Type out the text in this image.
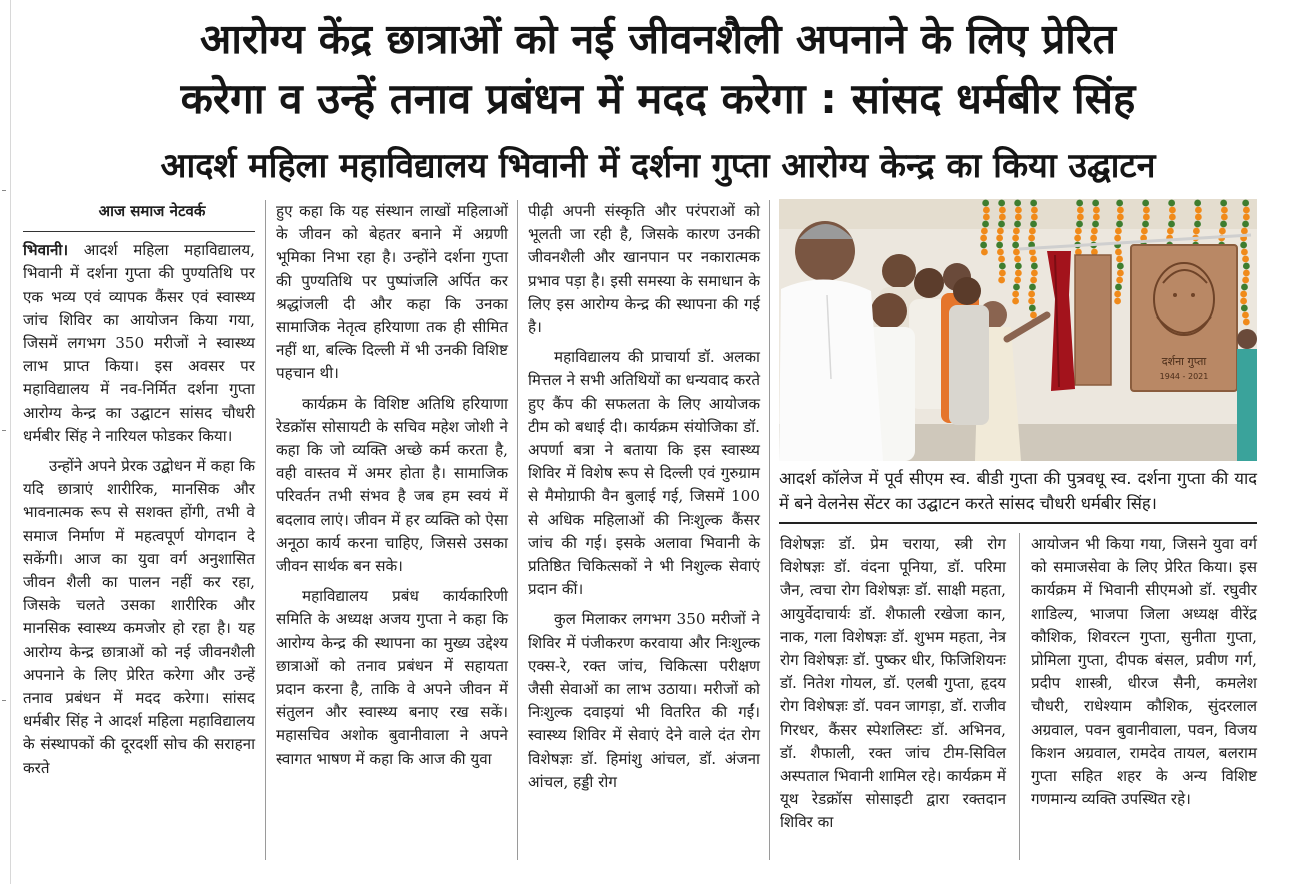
आरोग्य केंद्र छात्राओं को नई जीवनशैली अपनाने के लिए प्रेरित
करेगा व उन्हें तनाव प्रबंधन में मदद करेगा : सांसद धर्मबीर सिंह
आदर्श महिला महाविद्यालय भिवानी में दर्शना गुप्ता आरोग्य केन्द्र का किया उद्घाटन

आज समाज नेटवर्क

भिवानी। आदर्श महिला महाविद्यालय, भिवानी में दर्शना गुप्ता की पुण्यतिथि पर एक भव्य एवं व्यापक कैंसर एवं स्वास्थ्य जांच शिविर का आयोजन किया गया, जिसमें लगभग 350 मरीजों ने स्वास्थ्य लाभ प्राप्त किया। इस अवसर पर महाविद्यालय में नव-निर्मित दर्शना गुप्ता आरोग्य केन्द्र का उद्घाटन सांसद चौधरी धर्मबीर सिंह ने नारियल फोडकर किया।

उन्होंने अपने प्रेरक उद्बोधन में कहा कि यदि छात्राएं शारीरिक, मानसिक और भावनात्मक रूप से सशक्त होंगी, तभी वे समाज निर्माण में महत्वपूर्ण योगदान दे सकेंगी। आज का युवा वर्ग अनुशासित जीवन शैली का पालन नहीं कर रहा, जिसके चलते उसका शारीरिक और मानसिक स्वास्थ्य कमजोर हो रहा है। यह आरोग्य केन्द्र छात्राओं को नई जीवनशैली अपनाने के लिए प्रेरित करेगा और उन्हें तनाव प्रबंधन में मदद करेगा। सांसद धर्मबीर सिंह ने आदर्श महिला महाविद्यालय के संस्थापकों की दूरदर्शी सोच की सराहना करते

हुए कहा कि यह संस्थान लाखों महिलाओं के जीवन को बेहतर बनाने में अग्रणी भूमिका निभा रहा है। उन्होंने दर्शना गुप्ता की पुण्यतिथि पर पुष्पांजलि अर्पित कर श्रद्धांजली दी और कहा कि उनका सामाजिक नेतृत्व हरियाणा तक ही सीमित नहीं था, बल्कि दिल्ली में भी उनकी विशिष्ट पहचान थी।

कार्यक्रम के विशिष्ट अतिथि हरियाणा रेडक्रॉस सोसायटी के सचिव महेश जोशी ने कहा कि जो व्यक्ति अच्छे कर्म करता है, वही वास्तव में अमर होता है। सामाजिक परिवर्तन तभी संभव है जब हम स्वयं में बदलाव लाएं। जीवन में हर व्यक्ति को ऐसा अनूठा कार्य करना चाहिए, जिससे उसका जीवन सार्थक बन सके।

महाविद्यालय प्रबंध कार्यकारिणी समिति के अध्यक्ष अजय गुप्ता ने कहा कि आरोग्य केन्द्र की स्थापना का मुख्य उद्देश्य छात्राओं को तनाव प्रबंधन में सहायता प्रदान करना है, ताकि वे अपने जीवन में संतुलन और स्वास्थ्य बनाए रख सकें। महासचिव अशोक बुवानीवाला ने अपने स्वागत भाषण में कहा कि आज की युवा

पीढ़ी अपनी संस्कृति और परंपराओं को भूलती जा रही है, जिसके कारण उनकी जीवनशैली और खानपान पर नकारात्मक प्रभाव पड़ा है। इसी समस्या के समाधान के लिए इस आरोग्य केन्द्र की स्थापना की गई है।

महाविद्यालय की प्राचार्या डॉ. अलका मित्तल ने सभी अतिथियों का धन्यवाद करते हुए कैंप की सफलता के लिए आयोजक टीम को बधाई दी। कार्यक्रम संयोजिका डॉ. अपर्णा बत्रा ने बताया कि इस स्वास्थ्य शिविर में विशेष रूप से दिल्ली एवं गुरुग्राम से मैमोग्राफी वैन बुलाई गई, जिसमें 100 से अधिक महिलाओं की निःशुल्क कैंसर जांच की गई। इसके अलावा भिवानी के प्रतिष्ठित चिकित्सकों ने भी निशुल्क सेवाएं प्रदान कीं।

कुल मिलाकर लगभग 350 मरीजों ने शिविर में पंजीकरण करवाया और निःशुल्क एक्स-रे, रक्त जांच, चिकित्सा परीक्षण जैसी सेवाओं का लाभ उठाया। मरीजों को निःशुल्क दवाइयां भी वितरित की गईं। स्वास्थ्य शिविर में सेवाएं देने वाले दंत रोग विशेषज्ञः डॉ. हिमांशु आंचल, डॉ. अंजना आंचल, हड्डी रोग

दर्शना गुप्ता
1944 - 2021
आदर्श कॉलेज में पूर्व सीएम स्व. बीडी गुप्ता की पुत्रवधू स्व. दर्शना गुप्ता की याद में बने वेलनेस सेंटर का उद्घाटन करते सांसद चौधरी धर्मबीर सिंह।

विशेषज्ञः डॉ. प्रेम चराया, स्त्री रोग विशेषज्ञः डॉ. वंदना पूनिया, डॉ. परिमा जैन, त्वचा रोग विशेषज्ञः डॉ. साक्षी महता, आयुर्वेदाचार्यः डॉ. शैफाली रखेजा कान, नाक, गला विशेषज्ञः डॉ. शुभम महता, नेत्र रोग विशेषज्ञः डॉ. पुष्कर धीर, फिजिशियनः डॉ. नितेश गोयल, डॉ. एलबी गुप्ता, हृदय रोग विशेषज्ञः डॉ. पवन जागड़ा, डॉ. राजीव गिरधर, कैंसर स्पेशलिस्टः डॉ. अभिनव, डॉ. शैफाली, रक्त जांच टीम-सिविल अस्पताल भिवानी शामिल रहे। कार्यक्रम में यूथ रेडक्रॉस सोसाइटी द्वारा रक्तदान शिविर का

आयोजन भी किया गया, जिसने युवा वर्ग को समाजसेवा के लिए प्रेरित किया। इस कार्यक्रम में भिवानी सीएमओ डॉ. रघुवीर शाडिल्य, भाजपा जिला अध्यक्ष वीरेंद्र कौशिक, शिवरत्न गुप्ता, सुनीता गुप्ता, प्रोमिला गुप्ता, दीपक बंसल, प्रवीण गर्ग, प्रदीप शास्त्री, धीरज सैनी, कमलेश चौधरी, राधेश्याम कौशिक, सुंदरलाल अग्रवाल, पवन बुवानीवाला, पवन, विजय किशन अग्रवाल, रामदेव तायल, बलराम गुप्ता सहित शहर के अन्य विशिष्ट गणमान्य व्यक्ति उपस्थित रहे।
